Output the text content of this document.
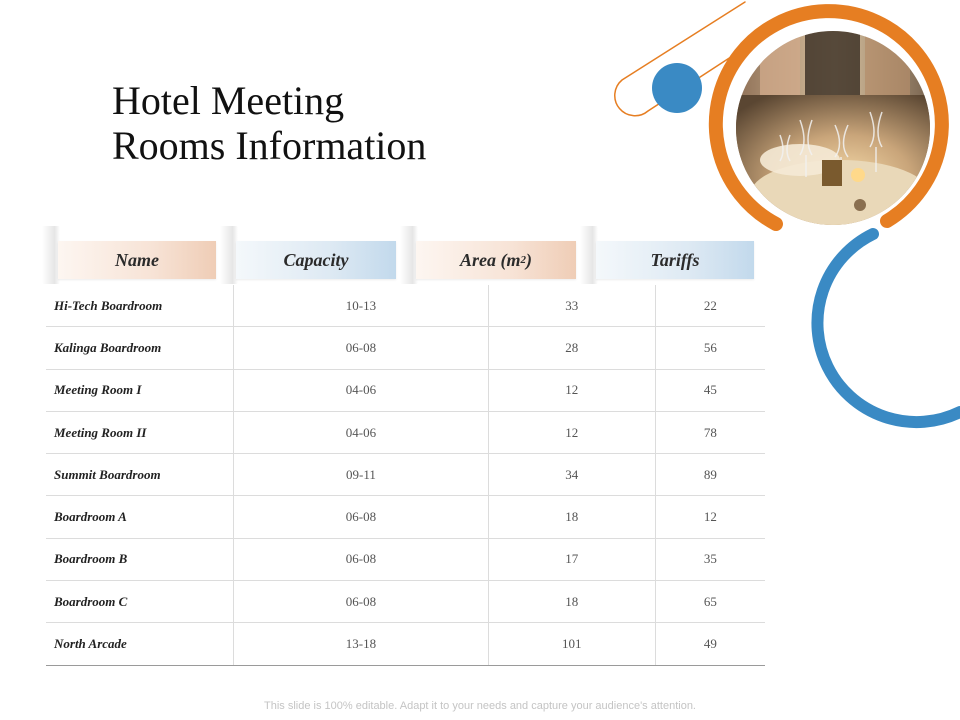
Hotel Meeting
Rooms Information
Name	Capacity	Area (m 2 )	Tariffs
Hi-Tech Boardroom	10-13	33	22
Kalinga Boardroom	06-08	28	56
Meeting Room I	04-06	12	45
Meeting Room II	04-06	12	78
Summit Boardroom	09-11	34	89
Boardroom A	06-08	18	12
Boardroom B	06-08	17	35
Boardroom C	06-08	18	65
North Arcade	13-18	101	49
This slide is 100% editable. Adapt it to your needs and capture your audience's attention.
